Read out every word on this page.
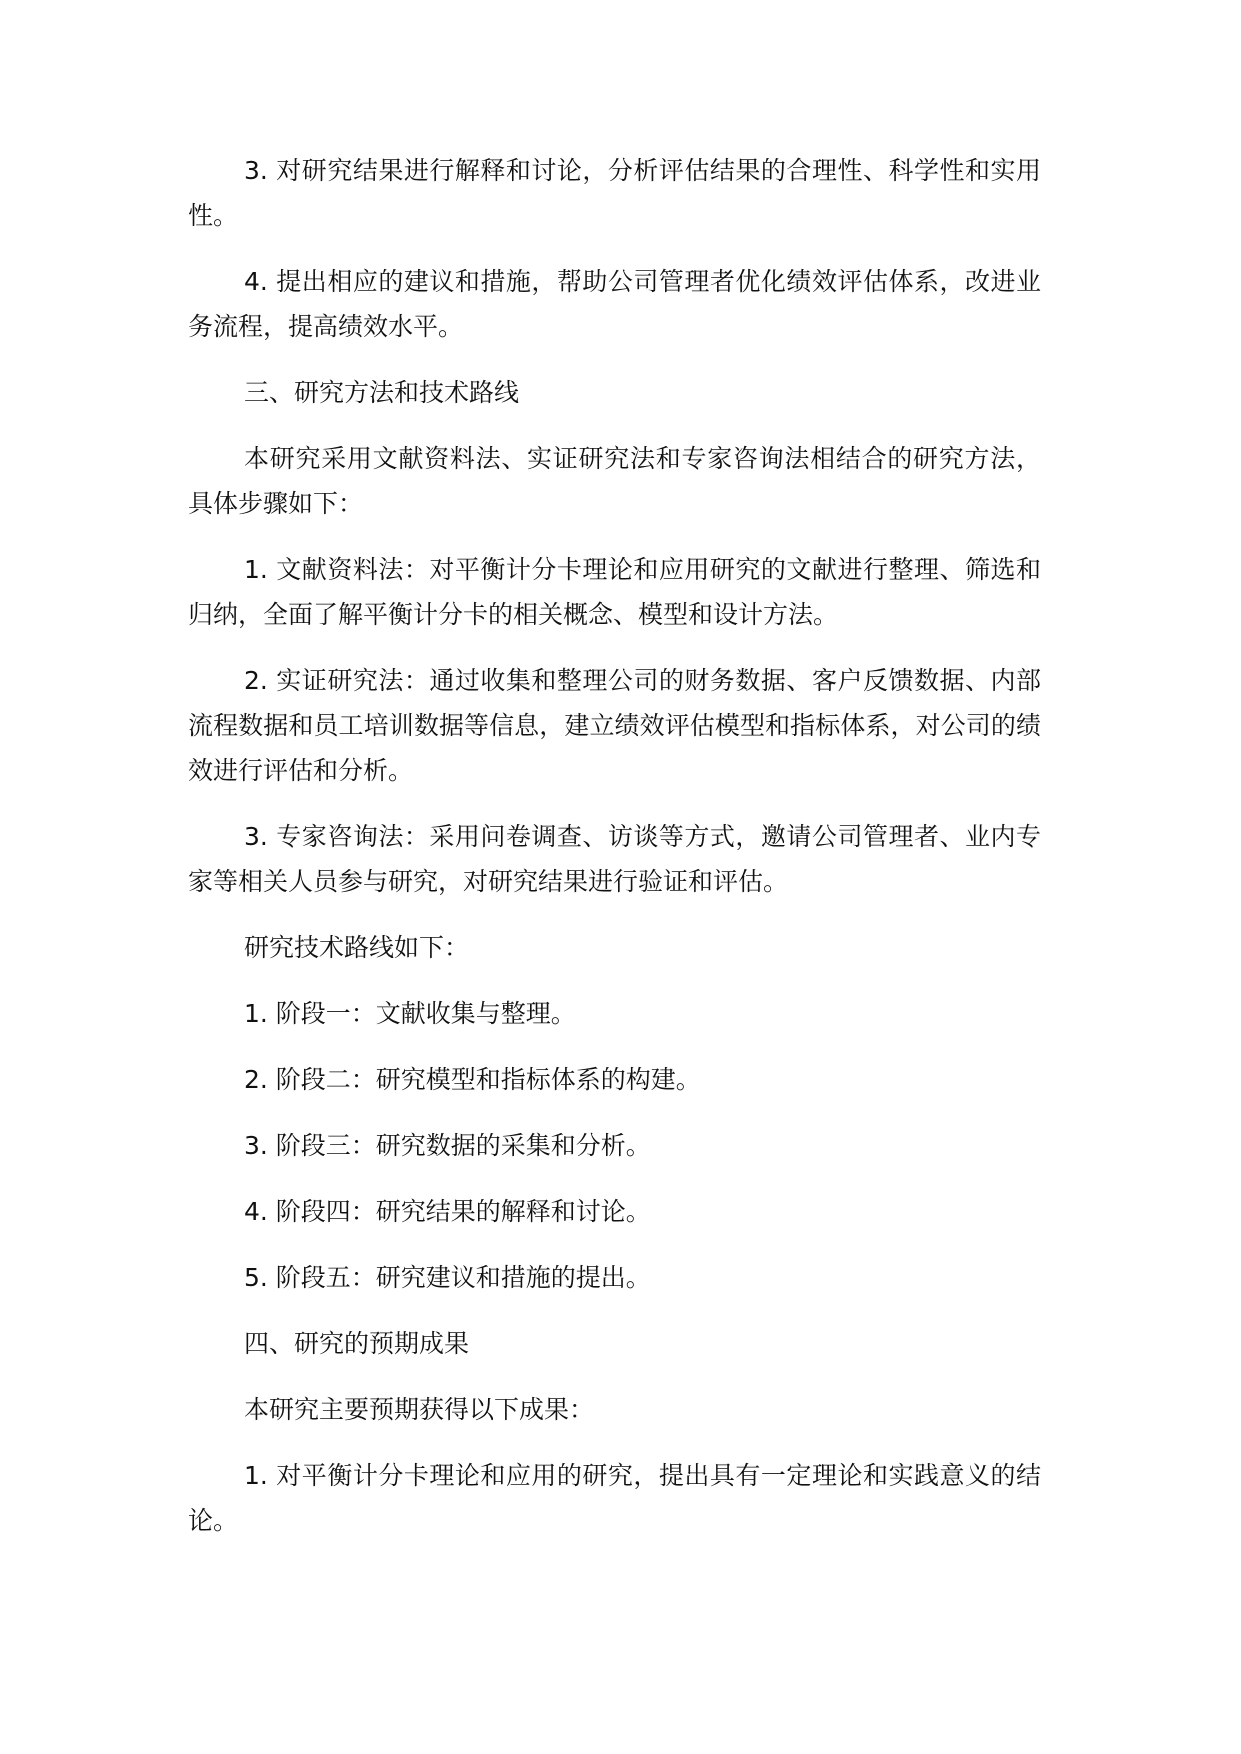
3. 对研究结果进行解释和讨论，分析评估结果的合理性、科学性和实用性。

4. 提出相应的建议和措施，帮助公司管理者优化绩效评估体系，改进业务流程，提高绩效水平。

三、研究方法和技术路线

本研究采用文献资料法、实证研究法和专家咨询法相结合的研究方法，具体步骤如下：

1. 文献资料法：对平衡计分卡理论和应用研究的文献进行整理、筛选和归纳，全面了解平衡计分卡的相关概念、模型和设计方法。

2. 实证研究法：通过收集和整理公司的财务数据、客户反馈数据、内部流程数据和员工培训数据等信息，建立绩效评估模型和指标体系，对公司的绩效进行评估和分析。

3. 专家咨询法：采用问卷调查、访谈等方式，邀请公司管理者、业内专家等相关人员参与研究，对研究结果进行验证和评估。

研究技术路线如下：

1. 阶段一：文献收集与整理。

2. 阶段二：研究模型和指标体系的构建。

3. 阶段三：研究数据的采集和分析。

4. 阶段四：研究结果的解释和讨论。

5. 阶段五：研究建议和措施的提出。

四、研究的预期成果

本研究主要预期获得以下成果：

1. 对平衡计分卡理论和应用的研究，提出具有一定理论和实践意义的结论。
